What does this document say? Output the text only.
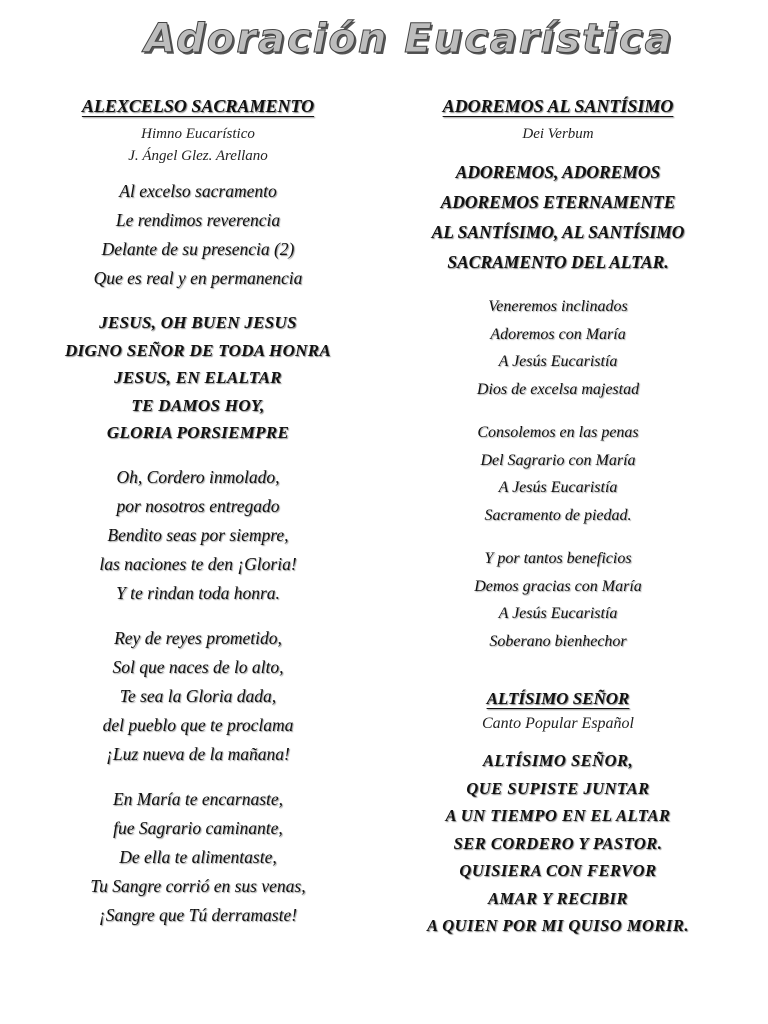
Adoración Eucarística
ALEXCELSO SACRAMENTO
Himno Eucarístico
J. Ángel Glez. Arellano
Al excelso sacramento
Le rendimos reverencia
Delante de su presencia (2)
Que es real y en permanencia
JESUS, OH BUEN JESUS
DIGNO SEÑOR DE TODA HONRA
JESUS, EN ELALTAR
TE DAMOS HOY,
GLORIA PORSIEMPRE
Oh, Cordero inmolado,
por nosotros entregado
Bendito seas por siempre,
las naciones te den ¡Gloria!
Y te rindan toda honra.
Rey de reyes prometido,
Sol que naces de lo alto,
Te sea la Gloria dada,
del pueblo que te proclama
¡Luz nueva de la mañana!
En María te encarnaste,
fue Sagrario caminante,
De ella te alimentaste,
Tu Sangre corrió en sus venas,
¡Sangre que Tú derramaste!
ADOREMOS AL SANTÍSIMO
Dei Verbum
ADOREMOS, ADOREMOS
ADOREMOS ETERNAMENTE
AL SANTÍSIMO, AL SANTÍSIMO
SACRAMENTO DEL ALTAR.
Veneremos inclinados
Adoremos con María
A Jesús Eucaristía
Dios de excelsa majestad
Consolemos en las penas
Del Sagrario con María
A Jesús Eucaristía
Sacramento de piedad.
Y por tantos beneficios
Demos gracias con María
A Jesús Eucaristía
Soberano bienhechor
ALTÍSIMO SEÑOR
Canto Popular Español
ALTÍSIMO SEÑOR,
QUE SUPISTE JUNTAR
A UN TIEMPO EN EL ALTAR
SER CORDERO Y PASTOR.
QUISIERA CON FERVOR
AMAR Y RECIBIR
A QUIEN POR MI QUISO MORIR.
